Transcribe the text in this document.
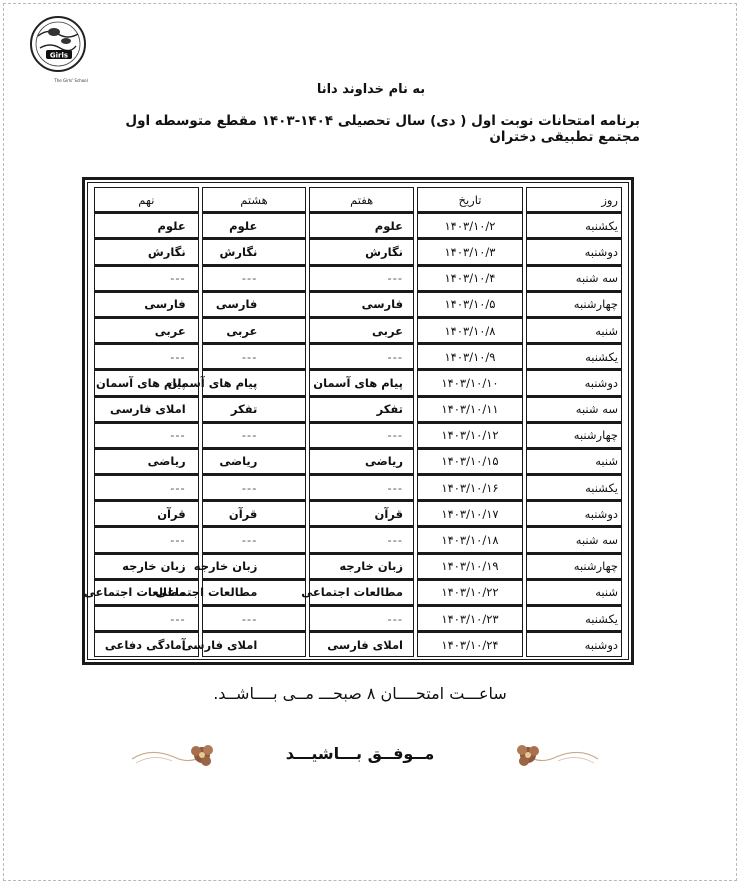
Girls
The Girls' School
به نام خداوند دانا
برنامه امتحانات نوبت اول ( دی) سال تحصیلی ۱۴۰۴-۱۴۰۳ مقطع متوسطه اول مجتمع تطبیقی دختران
روز	تاریخ	هفتم	هشتم	نهم
یکشنبه	۱۴۰۳/۱۰/۲	علوم	علوم	علوم
دوشنبه	۱۴۰۳/۱۰/۳	نگارش	نگارش	نگارش
سه شنبه	۱۴۰۳/۱۰/۴	---	---	---
چهارشنبه	۱۴۰۳/۱۰/۵	فارسی	فارسی	فارسی
شنبه	۱۴۰۳/۱۰/۸	عربی	عربی	عربی
یکشنبه	۱۴۰۳/۱۰/۹	---	---	---
دوشنبه	۱۴۰۳/۱۰/۱۰	پیام های آسمان	پیام های آسمان	پیام های آسمان
سه شنبه	۱۴۰۳/۱۰/۱۱	تفکر	تفکر	املای فارسی
چهارشنبه	۱۴۰۳/۱۰/۱۲	---	---	---
شنبه	۱۴۰۳/۱۰/۱۵	ریاضی	ریاضی	ریاضی
یکشنبه	۱۴۰۳/۱۰/۱۶	---	---	---
دوشنبه	۱۴۰۳/۱۰/۱۷	قرآن	قرآن	قرآن
سه شنبه	۱۴۰۳/۱۰/۱۸	---	---	---
چهارشنبه	۱۴۰۳/۱۰/۱۹	زبان خارجه	زبان خارجه	زبان خارجه
شنبه	۱۴۰۳/۱۰/۲۲	مطالعات اجتماعی	مطالعات اجتماعی	مطالعات اجتماعی
یکشنبه	۱۴۰۳/۱۰/۲۳	---	---	---
دوشنبه	۱۴۰۳/۱۰/۲۴	املای فارسی	املای فارسی	آمادگی دفاعی
ساعـــت امتحــــان ۸ صبحـــ مــی بــــاشــد.
مــوفــق بـــاشیـــد
